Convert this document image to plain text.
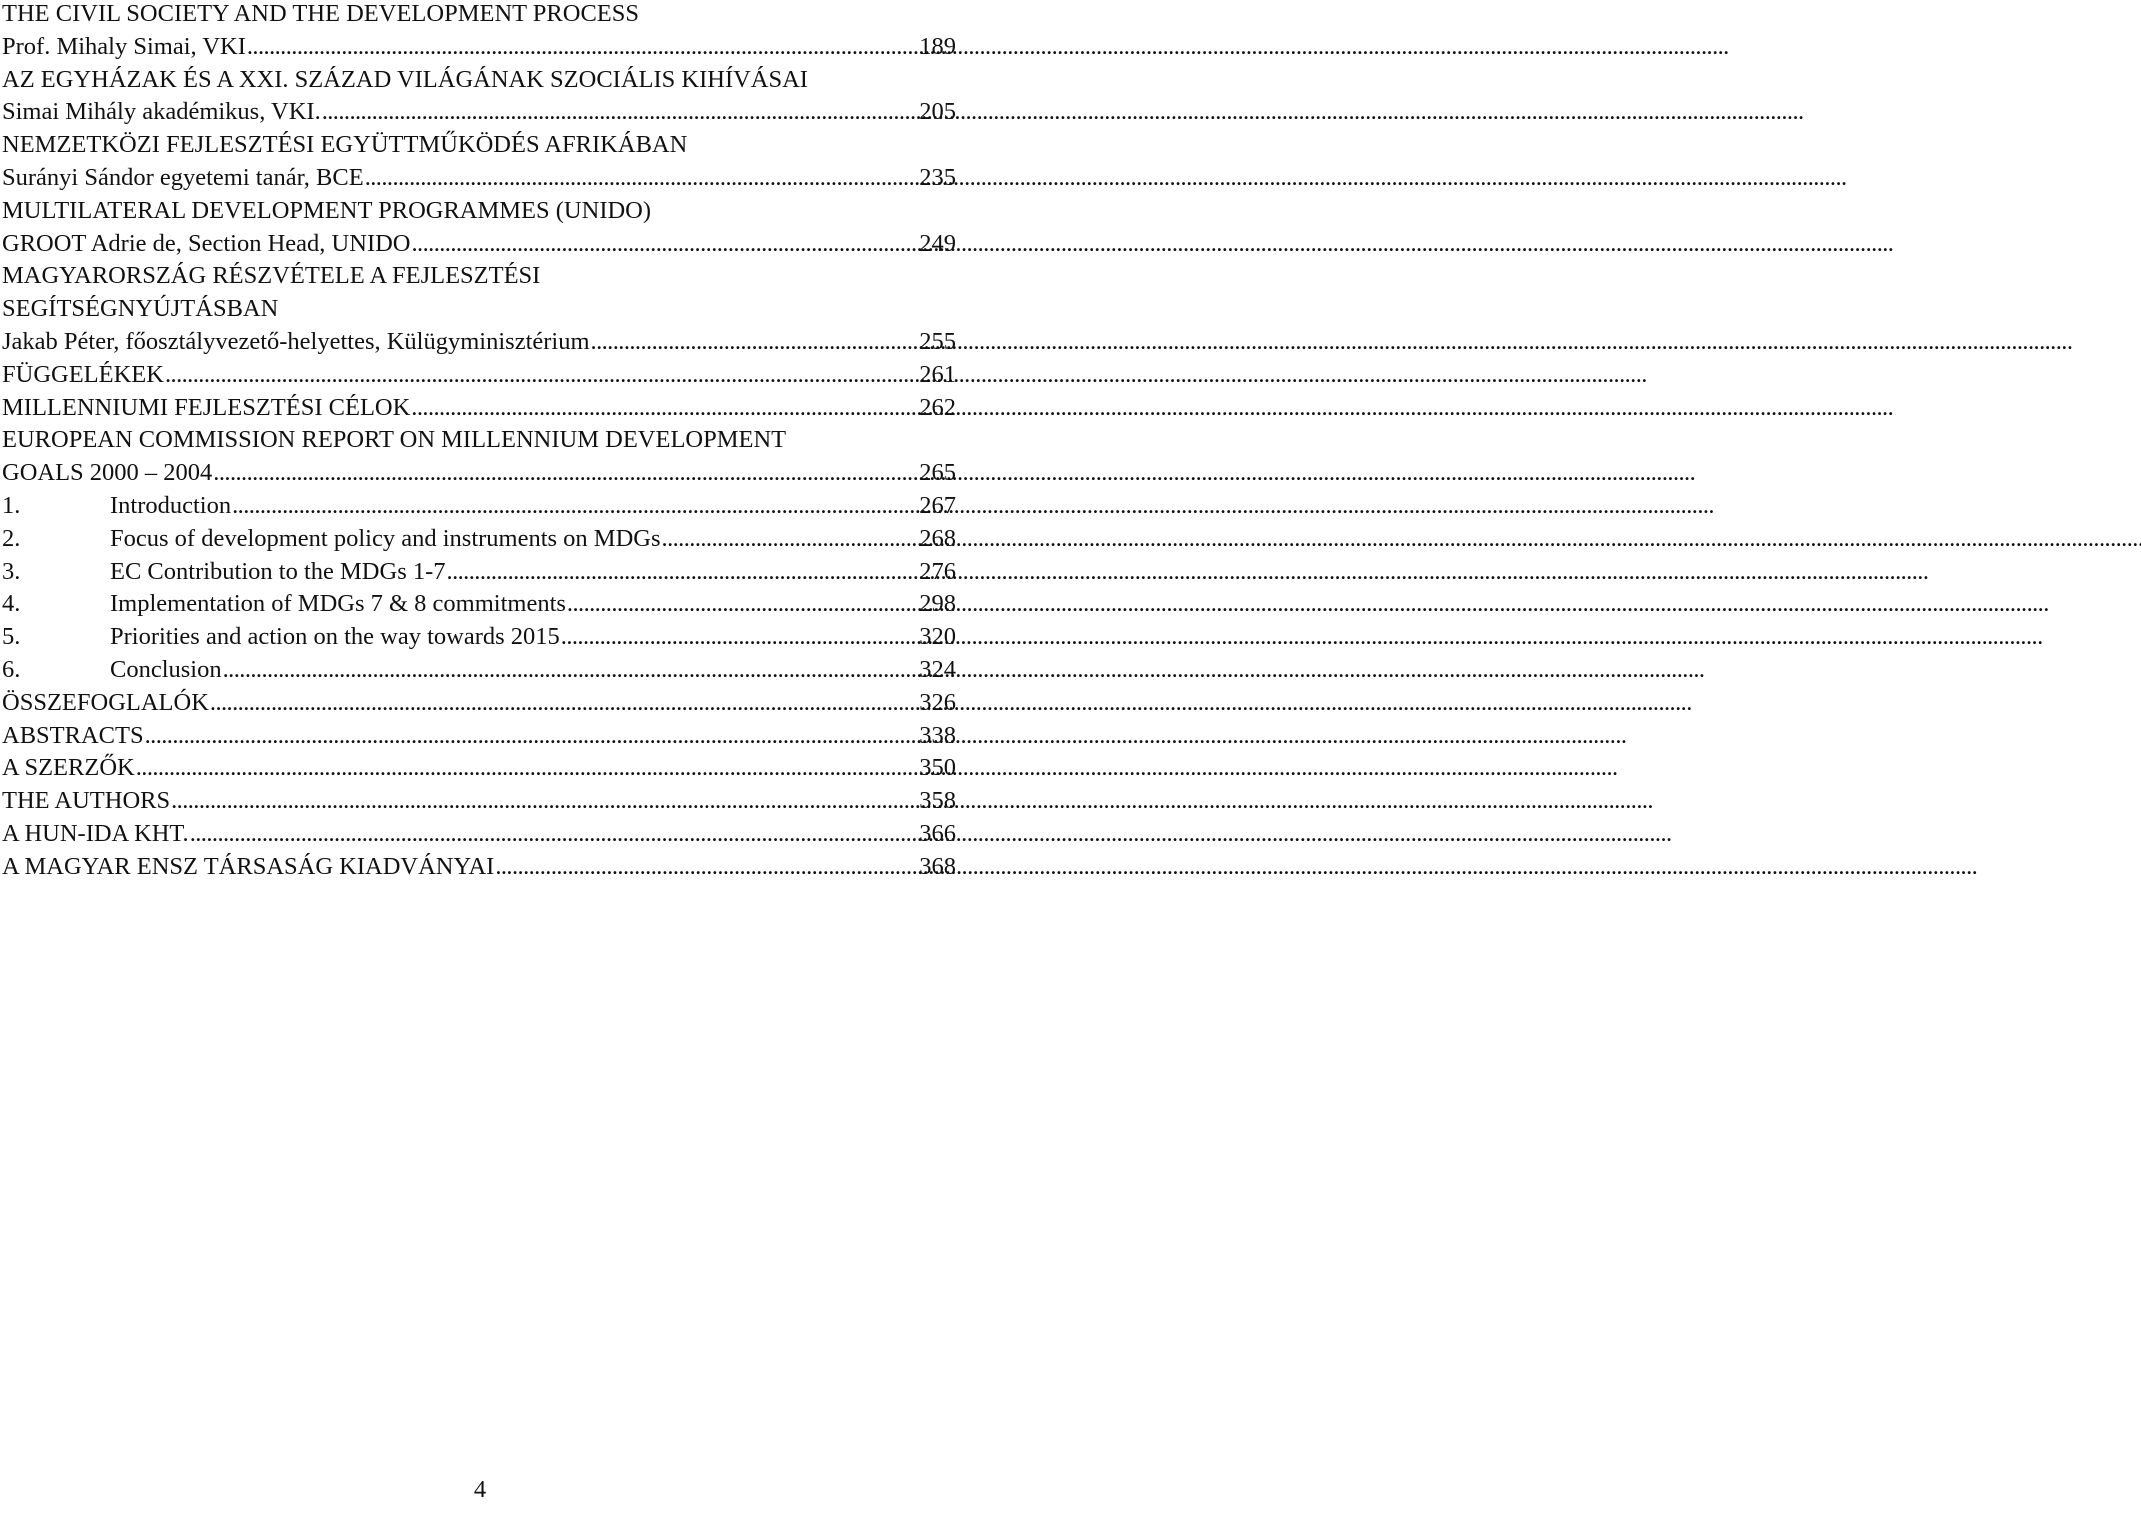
THE CIVIL SOCIETY AND THE DEVELOPMENT PROCESS
Prof. Mihaly Simai, VKI . . .	189
AZ EGYHÁZAK ÉS A XXI. SZÁZAD VILÁGÁNAK SZOCIÁLIS KIHÍVÁSAI
Simai Mihály akadémikus, VKI. . . .	205
NEMZETKÖZI FEJLESZTÉSI EGYÜTTMŰKÖDÉS AFRIKÁBAN
Surányi Sándor egyetemi tanár, BCE . . .	235
MULTILATERAL DEVELOPMENT PROGRAMMES (UNIDO)
GROOT Adrie de, Section Head, UNIDO . . .	249
MAGYARORSZÁG RÉSZVÉTELE A FEJLESZTÉSI
SEGÍTSÉGNYÚJTÁSBAN
Jakab Péter, főosztályvezető-helyettes, Külügyminisztérium . . .	255
FÜGGELÉKEK . . .	261
MILLENNIUMI FEJLESZTÉSI CÉLOK . . .	262
EUROPEAN COMMISSION REPORT ON MILLENNIUM DEVELOPMENT
GOALS 2000 – 2004 . . .	265
1.	Introduction . . .	267
2.	Focus of development policy and instruments on MDGs . . .	268
3.	EC Contribution to the MDGs 1-7 . . .	276
4.	Implementation of MDGs 7 & 8 commitments . . .	298
5.	Priorities and action on the way towards 2015 . . .	320
6.	Conclusion . . .	324
ÖSSZEFOGLALÓK . . .	326
ABSTRACTS . . .	338
A SZERZŐK . . .	350
THE AUTHORS . . .	358
A HUN-IDA KHT. . . .	366
A MAGYAR ENSZ TÁRSASÁG KIADVÁNYAI . . .	368
4
